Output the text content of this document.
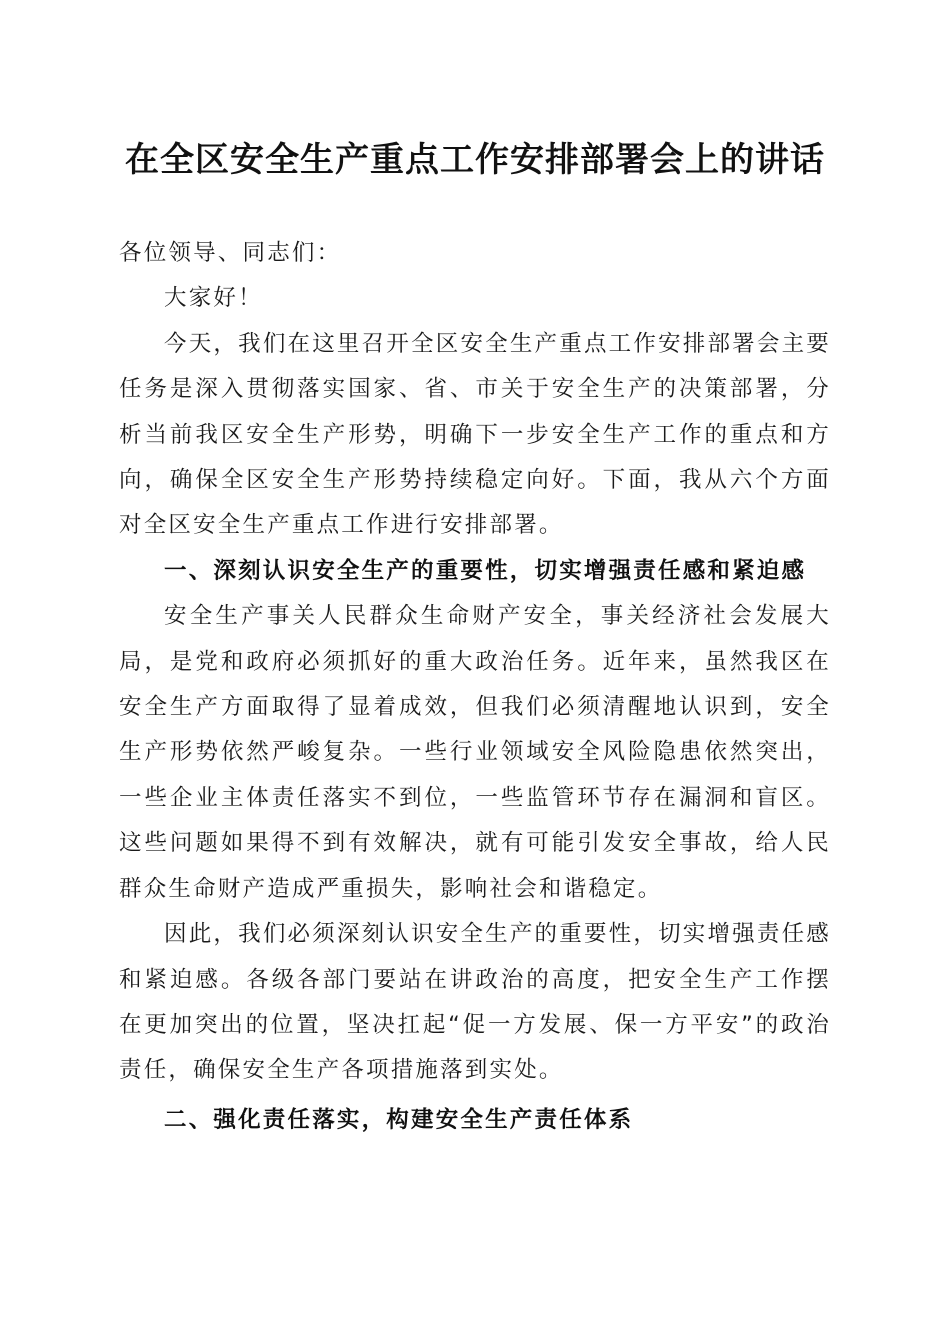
在全区安全生产重点工作安排部署会上的讲话

各位领导、同志们：

大家好！

今天，我们在这里召开全区安全生产重点工作安排部署会主要任务是深入贯彻落实国家、省、市关于安全生产的决策部署，分析当前我区安全生产形势，明确下一步安全生产工作的重点和方向，确保全区安全生产形势持续稳定向好。下面，我从六个方面对全区安全生产重点工作进行安排部署。

一、深刻认识安全生产的重要性，切实增强责任感和紧迫感

安全生产事关人民群众生命财产安全，事关经济社会发展大局，是党和政府必须抓好的重大政治任务。近年来，虽然我区在安全生产方面取得了显着成效，但我们必须清醒地认识到，安全生产形势依然严峻复杂。一些行业领域安全风险隐患依然突出，一些企业主体责任落实不到位，一些监管环节存在漏洞和盲区。这些问题如果得不到有效解决，就有可能引发安全事故，给人民群众生命财产造成严重损失，影响社会和谐稳定。

因此，我们必须深刻认识安全生产的重要性，切实增强责任感和紧迫感。各级各部门要站在讲政治的高度，把安全生产工作摆在更加突出的位置，坚决扛起“促一方发展、保一方平安”的政治责任，确保安全生产各项措施落到实处。

二、强化责任落实，构建安全生产责任体系
